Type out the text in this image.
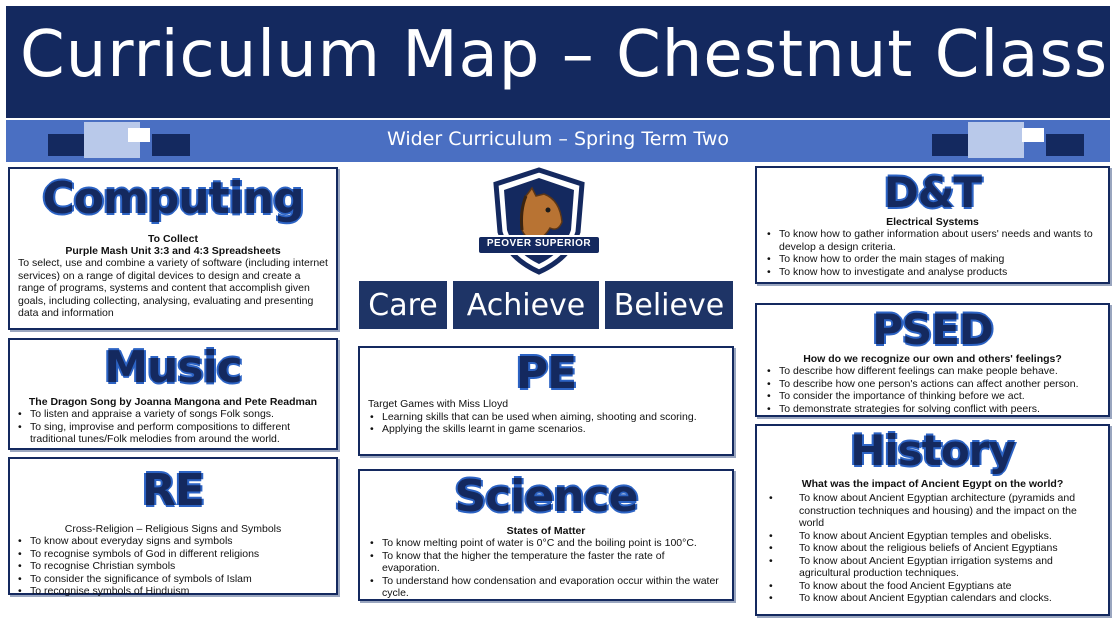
Curriculum Map – Chestnut Class
Wider Curriculum – Spring Term Two
Computing
To Collect
Purple Mash Unit 3:3 and 4:3 Spreadsheets
To select, use and combine a variety of software (including internet services) on a range of digital devices to design and create a range of programs, systems and content that accomplish given goals, including collecting, analysing, evaluating and presenting data and information
Music
The Dragon Song by Joanna Mangona and Pete Readman
• To listen and appraise a variety of songs Folk songs.
• To sing, improvise and perform compositions to different traditional tunes/Folk melodies from around the world.
RE
Cross-Religion – Religious Signs and Symbols
• To know about everyday signs and symbols
• To recognise symbols of God in different religions
• To recognise Christian symbols
• To consider the significance of symbols of Islam
• To recognise symbols of Hinduism
PEOVER SUPERIOR
Care Achieve Believe
PE
Target Games with Miss Lloyd
• Learning skills that can be used when aiming, shooting and scoring.
• Applying the skills learnt in game scenarios.
Science
States of Matter
• To know melting point of water is 0°C and the boiling point is 100°C.
• To know that the higher the temperature the faster the rate of evaporation.
• To understand how condensation and evaporation occur within the water cycle.
D&T
Electrical Systems
• To know how to gather information about users' needs and wants to develop a design criteria.
• To know how to order the main stages of making
• To know how to investigate and analyse products
PSED
How do we recognize our own and others' feelings?
• To describe how different feelings can make people behave.
• To describe how one person's actions can affect another person.
• To consider the importance of thinking before we act.
• To demonstrate strategies for solving conflict with peers.
History
What was the impact of Ancient Egypt on the world?
• To know about Ancient Egyptian architecture (pyramids and construction techniques and housing) and the impact on the world
• To know about Ancient Egyptian temples and obelisks.
• To know about the religious beliefs of Ancient Egyptians
• To know about Ancient Egyptian irrigation systems and agricultural production techniques.
• To know about the food Ancient Egyptians ate
• To know about Ancient Egyptian calendars and clocks.
